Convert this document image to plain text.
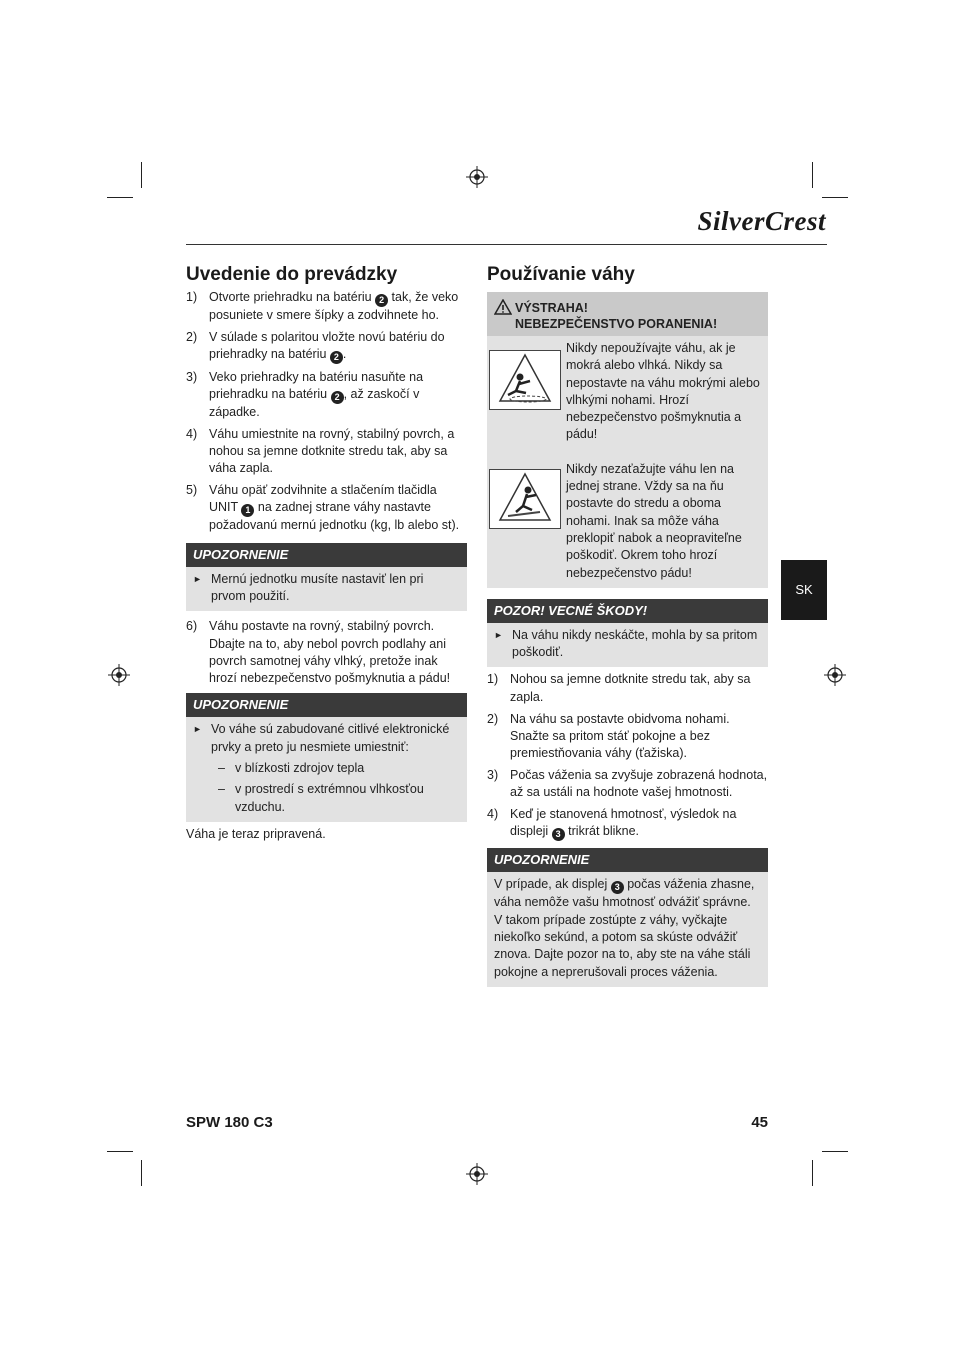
SilverCrest
Uvedenie do prevádzky
1) Otvorte priehradku na batériu 2 tak, že veko posuniete v smere šípky a zodvihnete ho.
2) V súlade s polaritou vložte novú batériu do priehradky na batériu 2 .
3) Veko priehradky na batériu nasuňte na priehradku na batériu 2 , až zaskočí v západke.
4) Váhu umiestnite na rovný, stabilný povrch, a nohou sa jemne dotknite stredu tak, aby sa váha zapla.
5) Váhu opäť zodvihnite a stlačením tlačidla UNIT 1 na zadnej strane váhy nastavte požadovanú mernú jednotku (kg, lb alebo st).
UPOZORNENIE
► Mernú jednotku musíte nastaviť len pri prvom použití.
6) Váhu postavte na rovný, stabilný povrch. Dbajte na to, aby nebol povrch podlahy ani povrch samotnej váhy vlhký, pretože inak hrozí nebezpečenstvo pošmyknutia a pádu!
UPOZORNENIE
► Vo váhe sú zabudované citlivé elektronické prvky a preto ju nesmiete umiestniť:
– v blízkosti zdrojov tepla
– v prostredí s extrémnou vlhkosťou vzduchu.
Váha je teraz pripravená.
Používanie váhy
VÝSTRAHA!
NEBEZPEČENSTVO PORANENIA!
Nikdy nepoužívajte váhu, ak je mokrá alebo vlhká. Nikdy sa nepostavte na váhu mokrými alebo vlhkými nohami. Hrozí nebezpečenstvo pošmyknutia a pádu!
Nikdy nezaťažujte váhu len na jednej strane. Vždy sa na ňu postavte do stredu a oboma nohami. Inak sa môže váha preklopiť nabok a neopraviteľne poškodiť. Okrem toho hrozí nebezpečenstvo pádu!
POZOR! VECNÉ ŠKODY!
► Na váhu nikdy neskáčte, mohla by sa pritom poškodiť.
1) Nohou sa jemne dotknite stredu tak, aby sa zapla.
2) Na váhu sa postavte obidvoma nohami. Snažte sa pritom stáť pokojne a bez premiestňovania váhy (ťažiska).
3) Počas váženia sa zvyšuje zobrazená hodnota, až sa ustáli na hodnote vašej hmotnosti.
4) Keď je stanovená hmotnosť, výsledok na displeji 3 trikrát blikne.
UPOZORNENIE
V prípade, ak displej 3 počas váženia zhasne, váha nemôže vašu hmotnosť odvážiť správne. V takom prípade zostúpte z váhy, vyčkajte niekoľko sekúnd, a potom sa skúste odvážiť znova. Dajte pozor na to, aby ste na váhe stáli pokojne a neprerušovali proces váženia.
SK
SPW 180 C3	45
